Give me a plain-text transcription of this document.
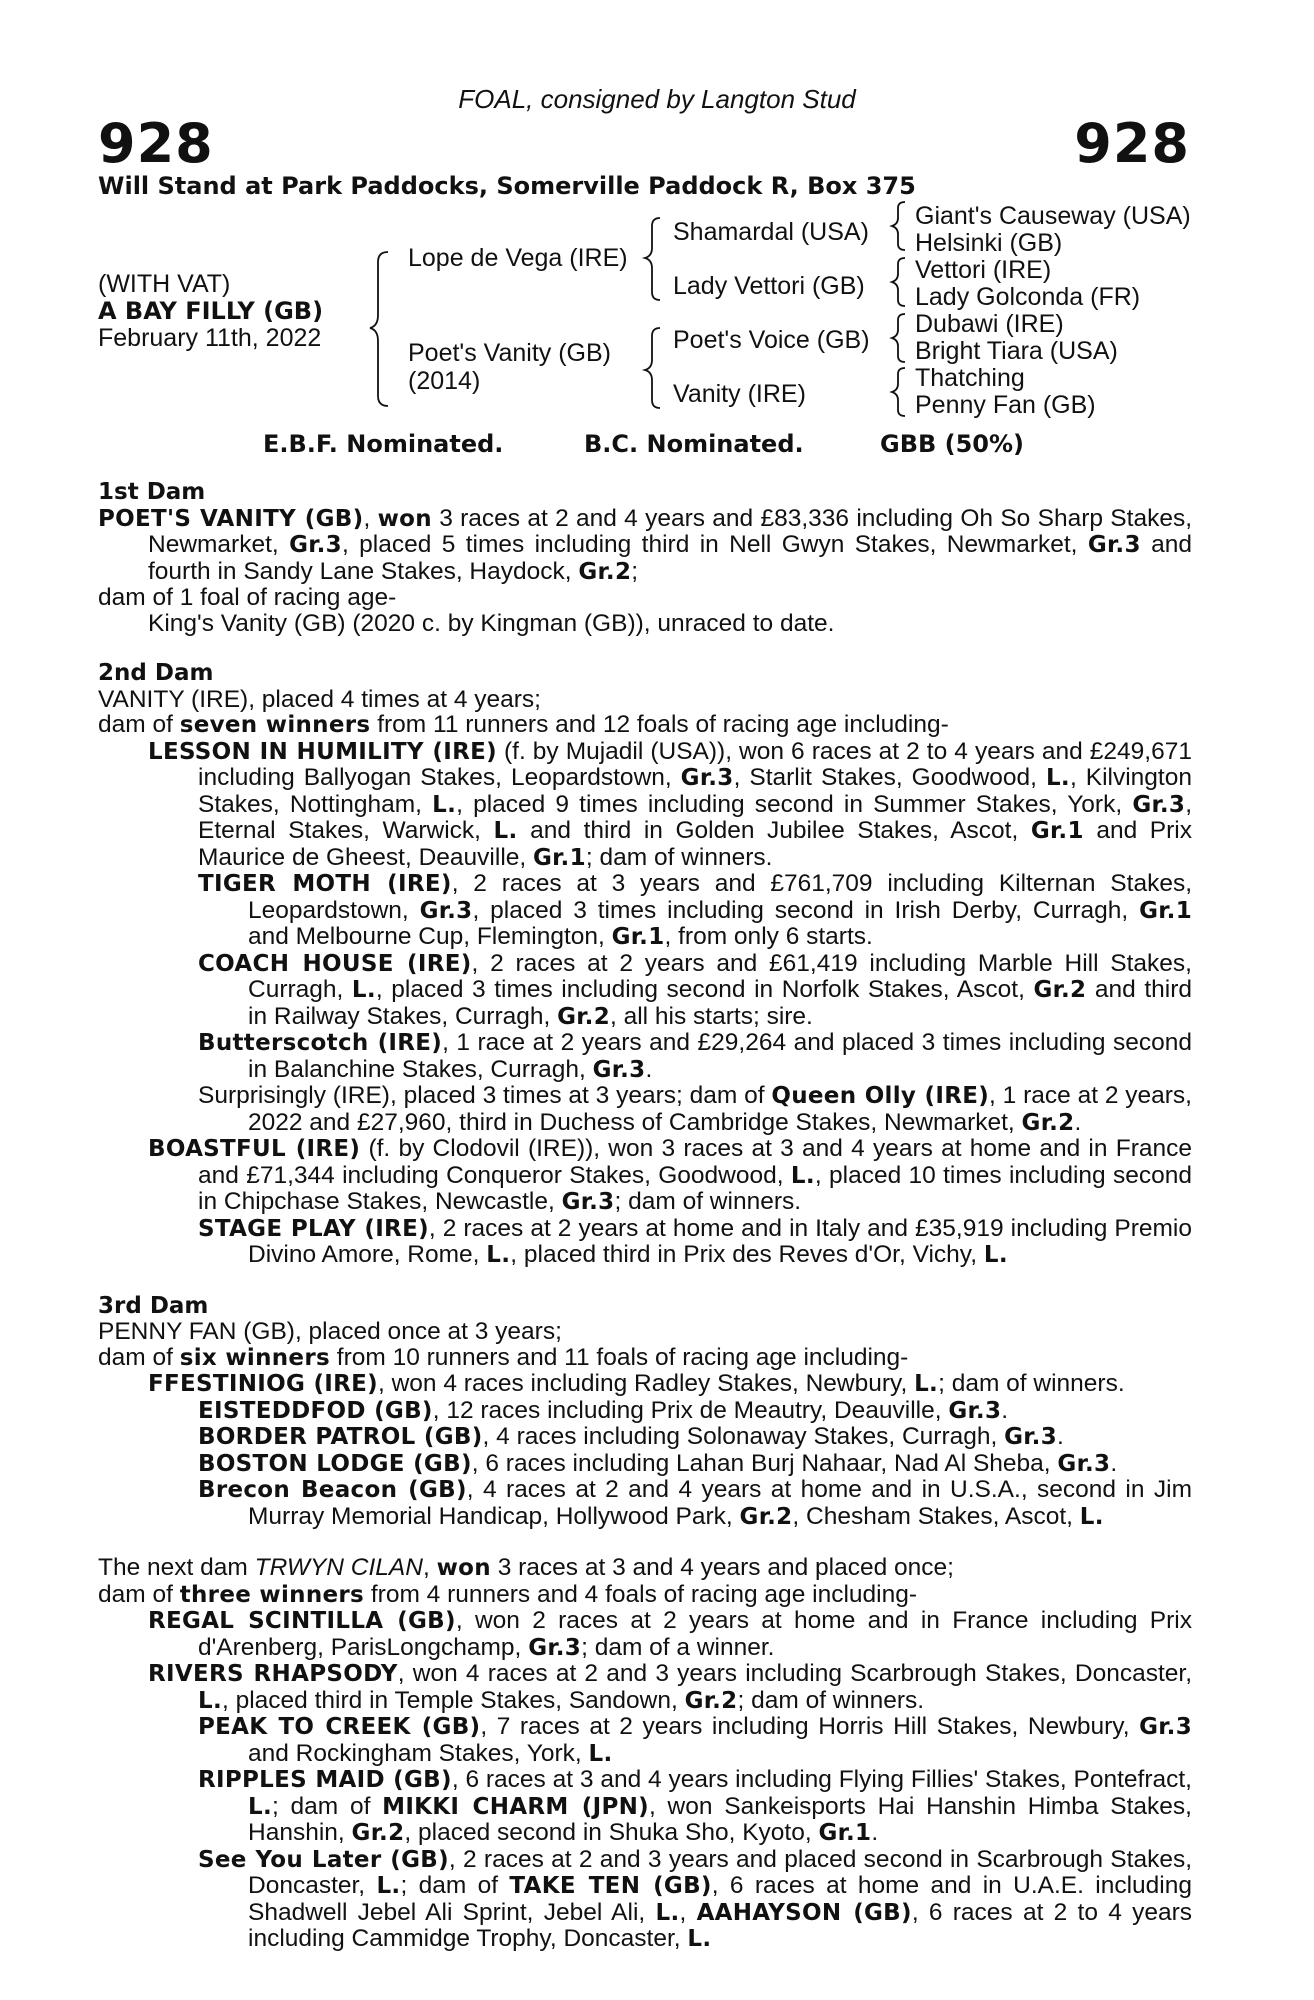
FOAL, consigned by Langton Stud
928	928
Will Stand at Park Paddocks, Somerville Paddock R, Box 375
(WITH VAT)
A BAY FILLY (GB)
February 11th, 2022
Lope de Vega (IRE)
Poet's Vanity (GB)
(2014)
Shamardal (USA)
Lady Vettori (GB)
Poet's Voice (GB)
Vanity (IRE)
Giant's Causeway (USA)
Helsinki (GB)
Vettori (IRE)
Lady Golconda (FR)
Dubawi (IRE)
Bright Tiara (USA)
Thatching
Penny Fan (GB)
E.B.F. Nominated.	B.C. Nominated.	GBB (50%)

1st Dam

POET'S VANITY (GB), won 3 races at 2 and 4 years and £83,336 including Oh So Sharp Stakes, Newmarket, Gr.3, placed 5 times including third in Nell Gwyn Stakes, Newmarket, Gr.3 and fourth in Sandy Lane Stakes, Haydock, Gr.2;

dam of 1 foal of racing age-

King's Vanity (GB) (2020 c. by Kingman (GB)), unraced to date.

2nd Dam

VANITY (IRE), placed 4 times at 4 years;

dam of seven winners from 11 runners and 12 foals of racing age including-

LESSON IN HUMILITY (IRE) (f. by Mujadil (USA)), won 6 races at 2 to 4 years and £249,671 including Ballyogan Stakes, Leopardstown, Gr.3, Starlit Stakes, Goodwood, L., Kilvington Stakes, Nottingham, L., placed 9 times including second in Summer Stakes, York, Gr.3, Eternal Stakes, Warwick, L. and third in Golden Jubilee Stakes, Ascot, Gr.1 and Prix Maurice de Gheest, Deauville, Gr.1; dam of winners.

TIGER MOTH (IRE), 2 races at 3 years and £761,709 including Kilternan Stakes, Leopardstown, Gr.3, placed 3 times including second in Irish Derby, Curragh, Gr.1 and Melbourne Cup, Flemington, Gr.1, from only 6 starts.

COACH HOUSE (IRE), 2 races at 2 years and £61,419 including Marble Hill Stakes, Curragh, L., placed 3 times including second in Norfolk Stakes, Ascot, Gr.2 and third in Railway Stakes, Curragh, Gr.2, all his starts; sire.

Butterscotch (IRE), 1 race at 2 years and £29,264 and placed 3 times including second in Balanchine Stakes, Curragh, Gr.3.

Surprisingly (IRE), placed 3 times at 3 years; dam of Queen Olly (IRE), 1 race at 2 years, 2022 and £27,960, third in Duchess of Cambridge Stakes, Newmarket, Gr.2.

BOASTFUL (IRE) (f. by Clodovil (IRE)), won 3 races at 3 and 4 years at home and in France and £71,344 including Conqueror Stakes, Goodwood, L., placed 10 times including second in Chipchase Stakes, Newcastle, Gr.3; dam of winners.

STAGE PLAY (IRE), 2 races at 2 years at home and in Italy and £35,919 including Premio Divino Amore, Rome, L., placed third in Prix des Reves d'Or, Vichy, L.

3rd Dam

PENNY FAN (GB), placed once at 3 years;

dam of six winners from 10 runners and 11 foals of racing age including-

FFESTINIOG (IRE), won 4 races including Radley Stakes, Newbury, L.; dam of winners.

EISTEDDFOD (GB), 12 races including Prix de Meautry, Deauville, Gr.3.

BORDER PATROL (GB), 4 races including Solonaway Stakes, Curragh, Gr.3.

BOSTON LODGE (GB), 6 races including Lahan Burj Nahaar, Nad Al Sheba, Gr.3.

Brecon Beacon (GB), 4 races at 2 and 4 years at home and in U.S.A., second in Jim Murray Memorial Handicap, Hollywood Park, Gr.2, Chesham Stakes, Ascot, L.

The next dam TRWYN CILAN, won 3 races at 3 and 4 years and placed once;

dam of three winners from 4 runners and 4 foals of racing age including-

REGAL SCINTILLA (GB), won 2 races at 2 years at home and in France including Prix d'Arenberg, ParisLongchamp, Gr.3; dam of a winner.

RIVERS RHAPSODY, won 4 races at 2 and 3 years including Scarbrough Stakes, Doncaster, L., placed third in Temple Stakes, Sandown, Gr.2; dam of winners.

PEAK TO CREEK (GB), 7 races at 2 years including Horris Hill Stakes, Newbury, Gr.3 and Rockingham Stakes, York, L.

RIPPLES MAID (GB), 6 races at 3 and 4 years including Flying Fillies' Stakes, Pontefract, L.; dam of MIKKI CHARM (JPN), won Sankeisports Hai Hanshin Himba Stakes, Hanshin, Gr.2, placed second in Shuka Sho, Kyoto, Gr.1.

See You Later (GB), 2 races at 2 and 3 years and placed second in Scarbrough Stakes, Doncaster, L.; dam of TAKE TEN (GB), 6 races at home and in U.A.E. including Shadwell Jebel Ali Sprint, Jebel Ali, L., AAHAYSON (GB), 6 races at 2 to 4 years including Cammidge Trophy, Doncaster, L.
